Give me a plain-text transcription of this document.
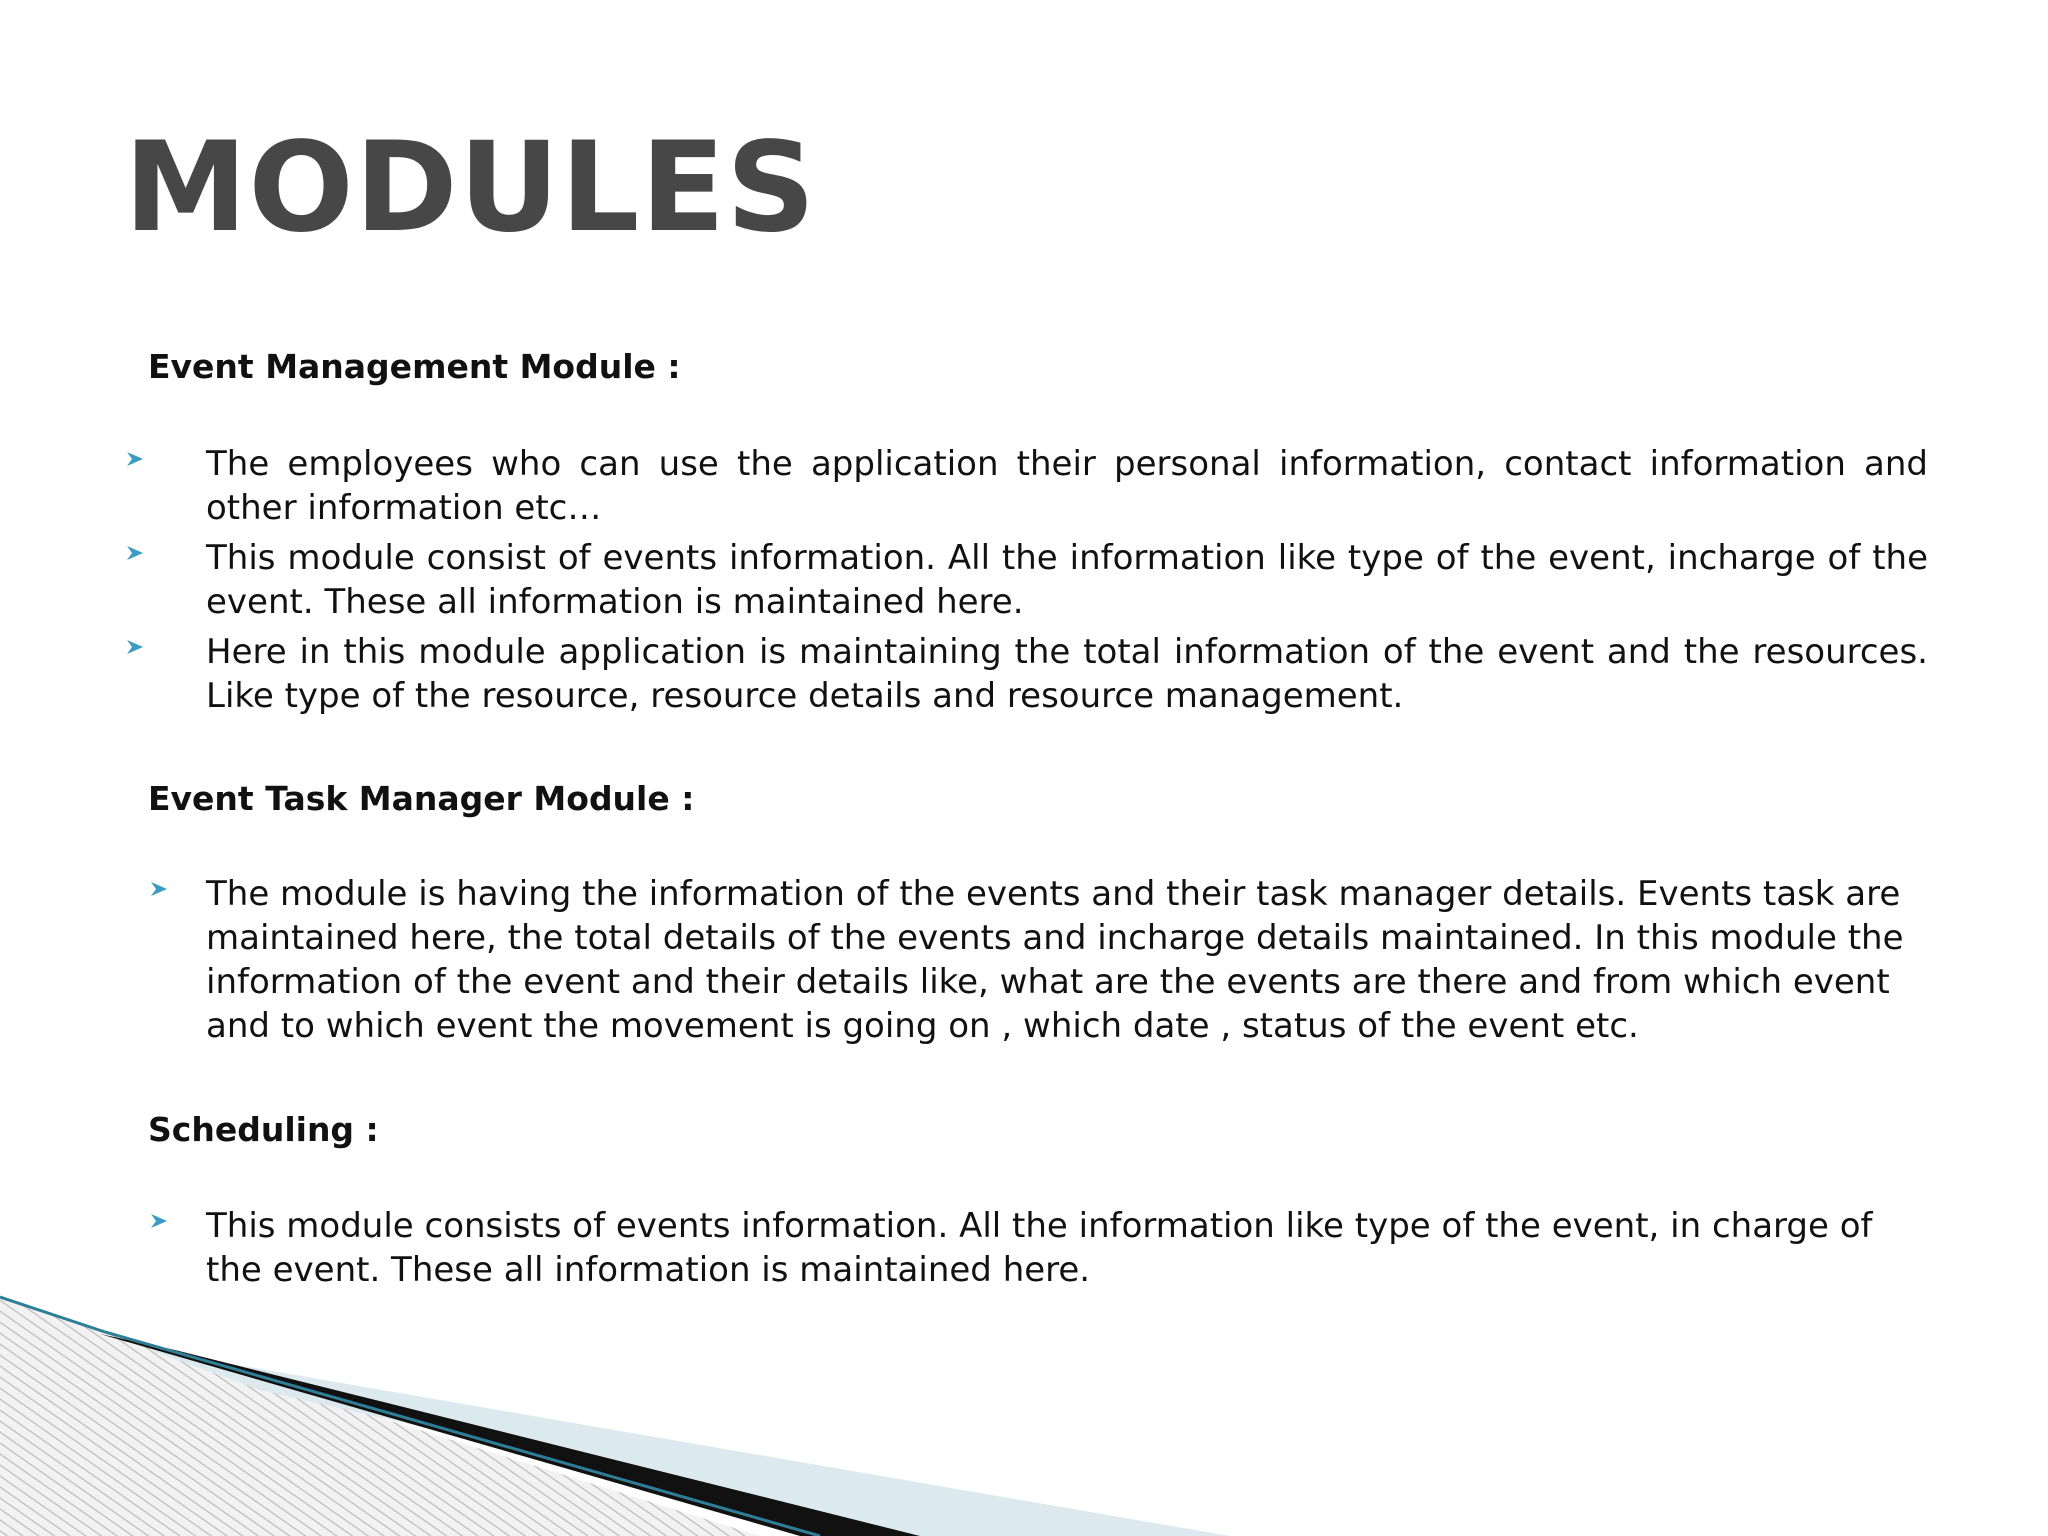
MODULES
Event Management Module :
The employees who can use the application their personal information, contact information and other information etc…
This module consist of events information. All the information like type of the event, incharge of the event. These all information is maintained here.
Here in this module application is maintaining the total information of the event and the resources. Like type of the resource, resource details and resource management.
Event Task Manager Module :
The module is having the information of the events and their task manager details. Events task are maintained here, the total details of the events and incharge details maintained. In this module the information of the event and their details like, what are the events are there and from which event and to which event the movement is going on , which date , status of the event etc.
Scheduling :
This module consists of events information. All the information like type of the event, in charge of the event. These all information is maintained here.
